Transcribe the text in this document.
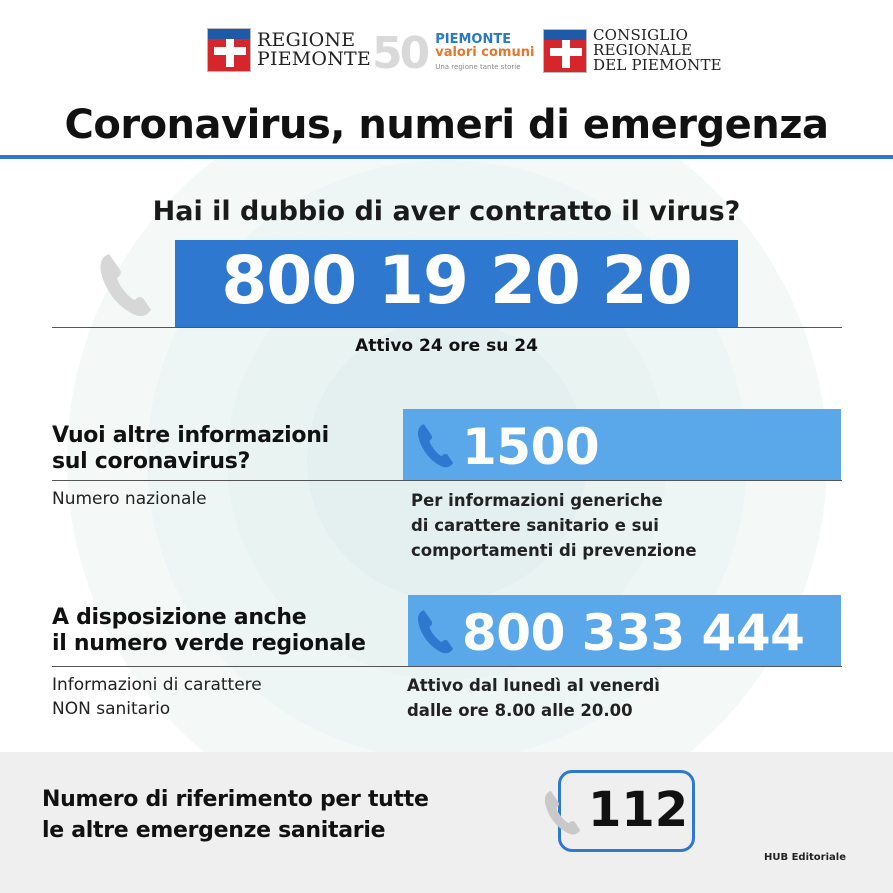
REGIONE
PIEMONTE 50 PIEMONTE
valori comuni
Una regione tante storie
CONSIGLIO
REGIONALE
DEL PIEMONTE
Coronavirus, numeri di emergenza
Hai il dubbio di aver contratto il virus?
800 19 20 20
Attivo 24 ore su 24
Vuoi altre informazioni
sul coronavirus?	1500
Numero nazionale	Per informazioni generiche
di carattere sanitario e sui
comportamenti di prevenzione
A disposizione anche
il numero verde regionale 800 333 444
Informazioni di carattere
NON sanitario
Attivo dal lunedì al venerdì
dalle ore 8.00 alle 20.00
Numero di riferimento per tutte
le altre emergenze sanitarie	112
HUB Editoriale
